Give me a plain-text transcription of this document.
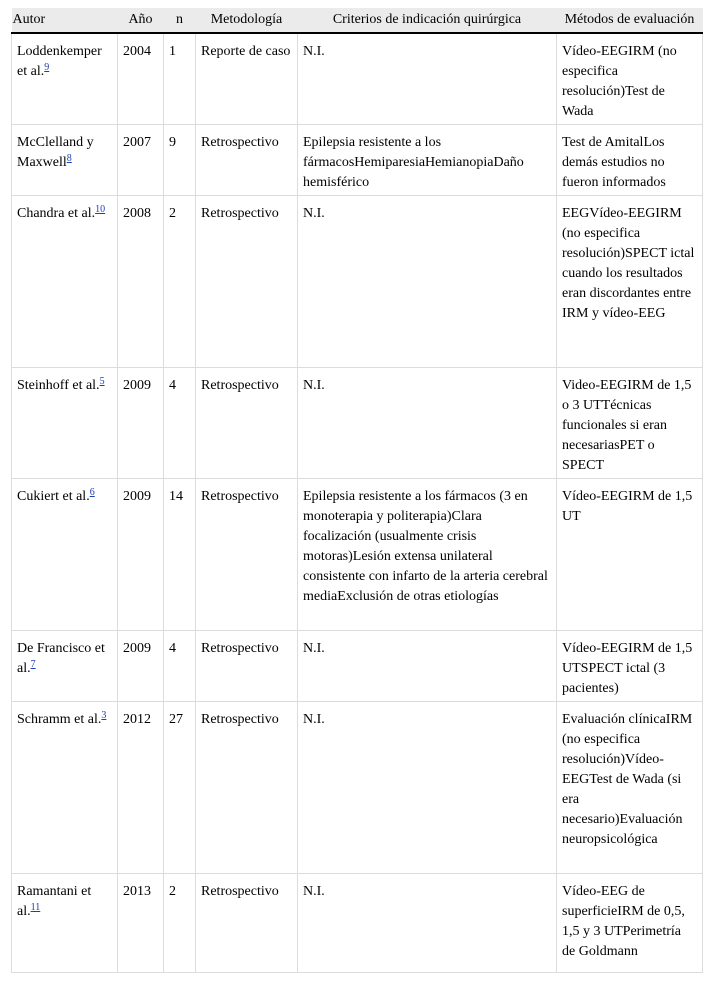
Autor	Año	n	Metodología	Criterios de indicación quirúrgica	Métodos de evaluación
Loddenkemper et al.$^9$	2004	1	Reporte de caso	N.I.	Vídeo-EEGIRM (no especifica resolución)Test de Wada
McClelland y Maxwell$^8$	2007	9	Retrospectivo	Epilepsia resistente a los fármacosHemiparesiaHemianopiaDaño hemisférico	Test de AmitalLos demás estudios no fueron informados
Chandra et al.$^{10}$	2008	2	Retrospectivo	N.I.	EEGVídeo-EEGIRM (no especifica resolución)SPECT ictal cuando los resultados eran discordantes entre IRM y vídeo-EEG
Steinhoff et al.$^5$	2009	4	Retrospectivo	N.I.	Video-EEGIRM de 1,5 o 3 UTTécnicas funcionales si eran necesariasPET o SPECT
Cukiert et al.$^6$	2009	14	Retrospectivo	Epilepsia resistente a los fármacos (3 en monoterapia y politerapia)Clara focalización (usualmente crisis motoras)Lesión extensa unilateral consistente con infarto de la arteria cerebral mediaExclusión de otras etiologías	Vídeo-EEGIRM de 1,5 UT
De Francisco et al.$^7$	2009	4	Retrospectivo	N.I.	Vídeo-EEGIRM de 1,5 UTSPECT ictal (3 pacientes)
Schramm et al.$^3$	2012	27	Retrospectivo	N.I.	Evaluación clínicaIRM (no especifica resolución)Vídeo-EEGTest de Wada (si era necesario)Evaluación neuropsicológica
Ramantani et al.$^{11}$	2013	2	Retrospectivo	N.I.	Vídeo-EEG de superficieIRM de 0,5, 1,5 y 3 UTPerimetría de Goldmann
